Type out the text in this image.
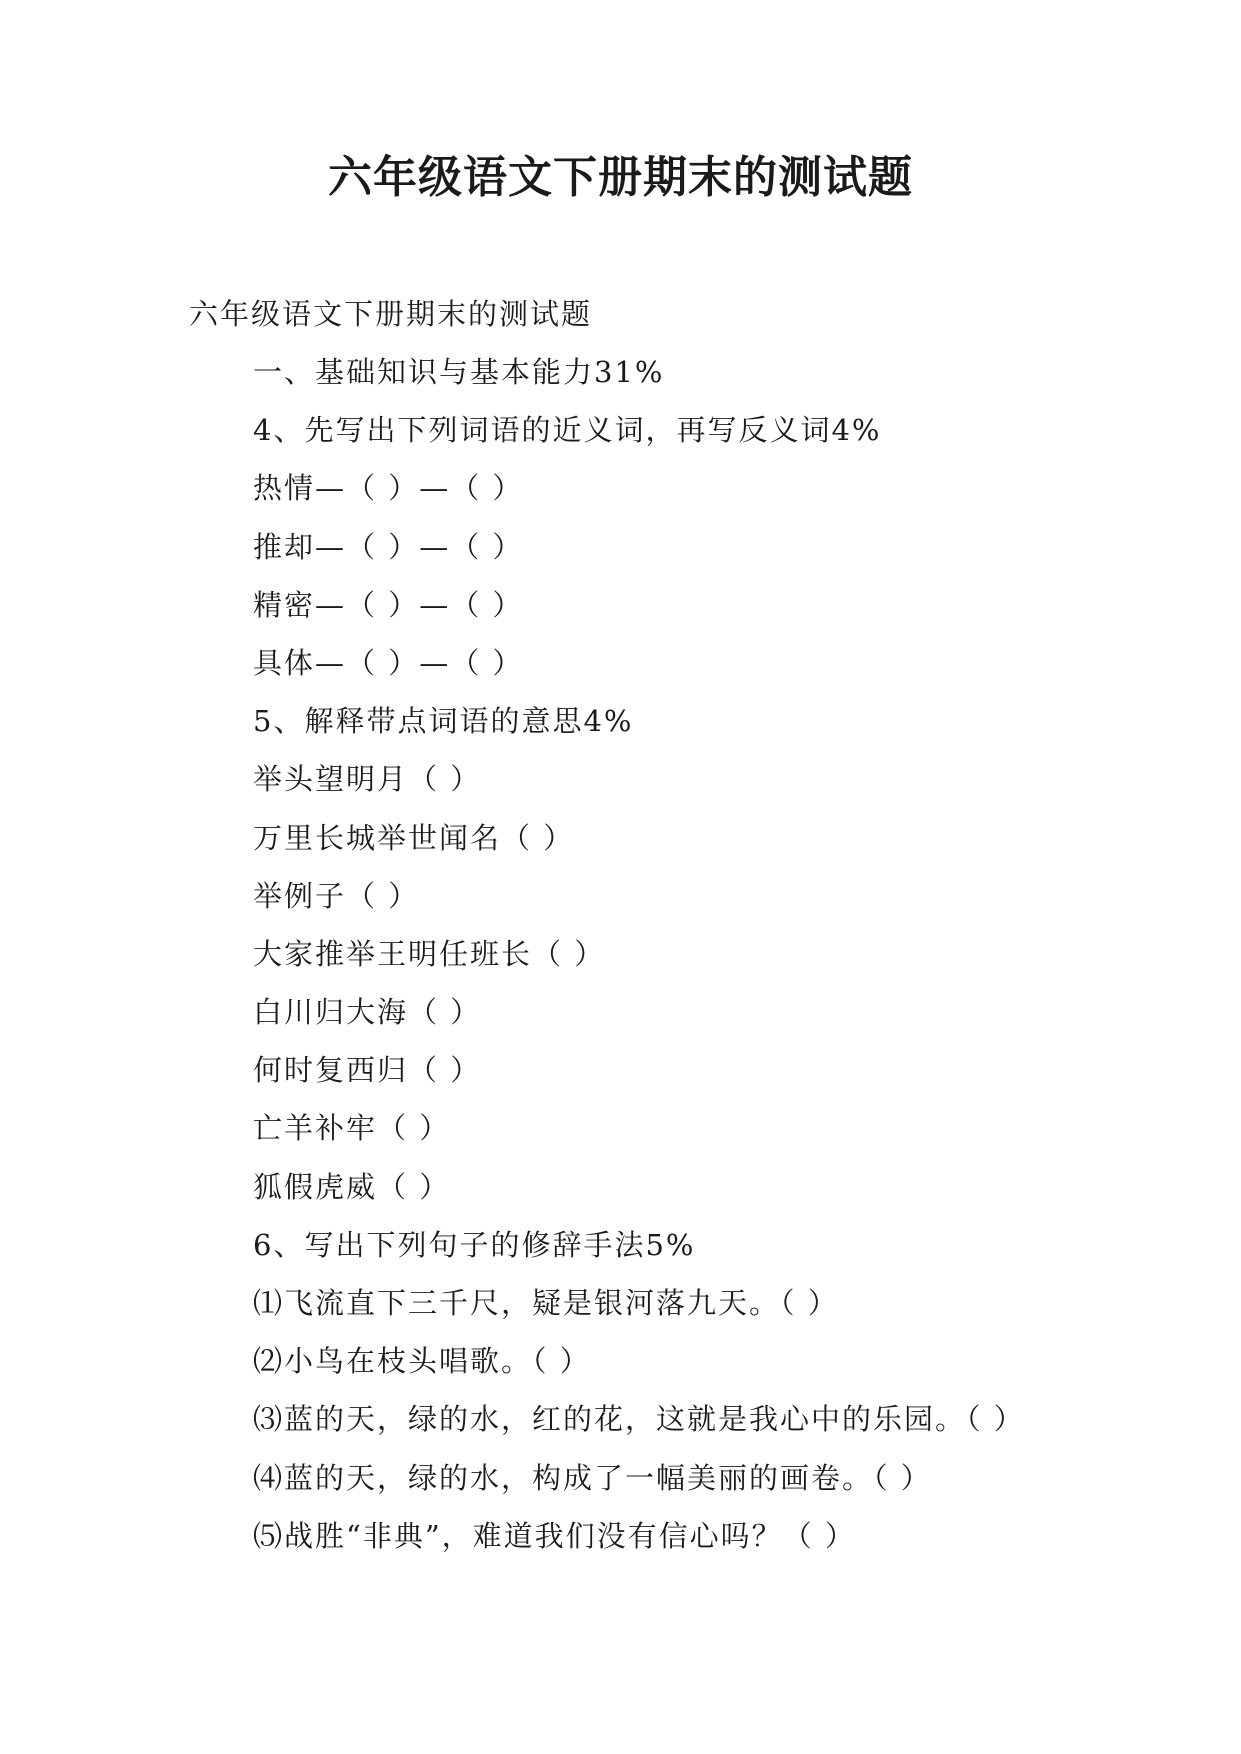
六年级语文下册期末的测试题

六年级语文下册期末的测试题

一、基础知识与基本能力31%
4、先写出下列词语的近义词，再写反义词4%
热情—（ ）—（ ）
推却—（ ）—（ ）
精密—（ ）—（ ）
具体—（ ）—（ ）
5、解释带点词语的意思4%
举头望明月（ ）
万里长城举世闻名（ ）
举例子（ ）
大家推举王明任班长（ ）
白川归大海（ ）
何时复西归（ ）
亡羊补牢（ ）
狐假虎威（ ）
6、写出下列句子的修辞手法5%
⑴飞流直下三千尺，疑是银河落九天。（ ）
⑵小鸟在枝头唱歌。（ ）
⑶蓝的天，绿的水，红的花，这就是我心中的乐园。（ ）
⑷蓝的天，绿的水，构成了一幅美丽的画卷。（ ）
⑸战胜“非典”，难道我们没有信心吗？（ ）
